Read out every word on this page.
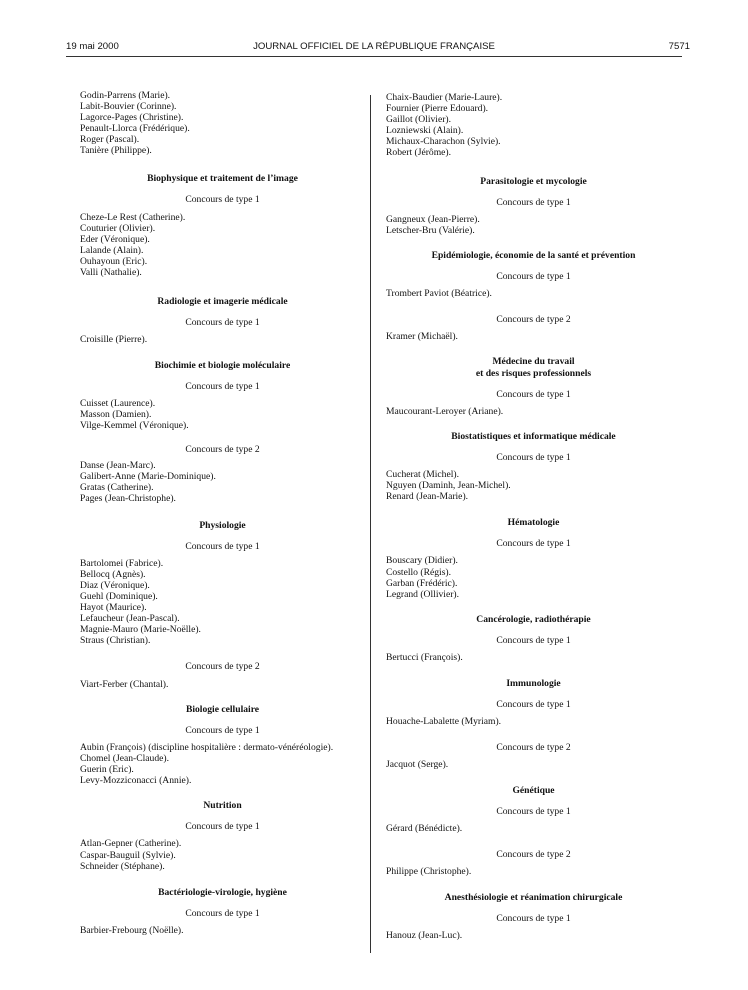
19 mai 2000	JOURNAL OFFICIEL DE LA RÉPUBLIQUE FRANÇAISE	7571
Godin-Parrens (Marie).
Labit-Bouvier (Corinne).
Lagorce-Pages (Christine).
Penault-Llorca (Frédérique).
Roger (Pascal).
Tanière (Philippe).
Biophysique et traitement de l’image
Concours de type 1
Cheze-Le Rest (Catherine).
Couturier (Olivier).
Eder (Véronique).
Lalande (Alain).
Ouhayoun (Eric).
Valli (Nathalie).
Radiologie et imagerie médicale
Concours de type 1
Croisille (Pierre).
Biochimie et biologie moléculaire
Concours de type 1
Cuisset (Laurence).
Masson (Damien).
Vilge-Kemmel (Véronique).
Concours de type 2
Danse (Jean-Marc).
Galibert-Anne (Marie-Dominique).
Gratas (Catherine).
Pages (Jean-Christophe).
Physiologie
Concours de type 1
Bartolomei (Fabrice).
Bellocq (Agnès).
Diaz (Véronique).
Guehl (Dominique).
Hayot (Maurice).
Lefaucheur (Jean-Pascal).
Magnie-Mauro (Marie-Noëlle).
Straus (Christian).
Concours de type 2
Viart-Ferber (Chantal).
Biologie cellulaire
Concours de type 1
Aubin (François) (discipline hospitalière : dermato-vénéréologie).
Chomel (Jean-Claude).
Guerin (Eric).
Levy-Mozziconacci (Annie).
Nutrition
Concours de type 1
Atlan-Gepner (Catherine).
Caspar-Bauguil (Sylvie).
Schneider (Stéphane).
Bactériologie-virologie, hygiène
Concours de type 1
Barbier-Frebourg (Noëlle).
Chaix-Baudier (Marie-Laure).
Fournier (Pierre Edouard).
Gaillot (Olivier).
Lozniewski (Alain).
Michaux-Charachon (Sylvie).
Robert (Jérôme).
Parasitologie et mycologie
Concours de type 1
Gangneux (Jean-Pierre).
Letscher-Bru (Valérie).
Epidémiologie, économie de la santé et prévention
Concours de type 1
Trombert Paviot (Béatrice).
Concours de type 2
Kramer (Michaël).
Médecine du travail
et des risques professionnels
Concours de type 1
Maucourant-Leroyer (Ariane).
Biostatistiques et informatique médicale
Concours de type 1
Cucherat (Michel).
Nguyen (Daminh, Jean-Michel).
Renard (Jean-Marie).
Hématologie
Concours de type 1
Bouscary (Didier).
Costello (Régis).
Garban (Frédéric).
Legrand (Ollivier).
Cancérologie, radiothérapie
Concours de type 1
Bertucci (François).
Immunologie
Concours de type 1
Houache-Labalette (Myriam).
Concours de type 2
Jacquot (Serge).
Génétique
Concours de type 1
Gérard (Bénédicte).
Concours de type 2
Philippe (Christophe).
Anesthésiologie et réanimation chirurgicale
Concours de type 1
Hanouz (Jean-Luc).
